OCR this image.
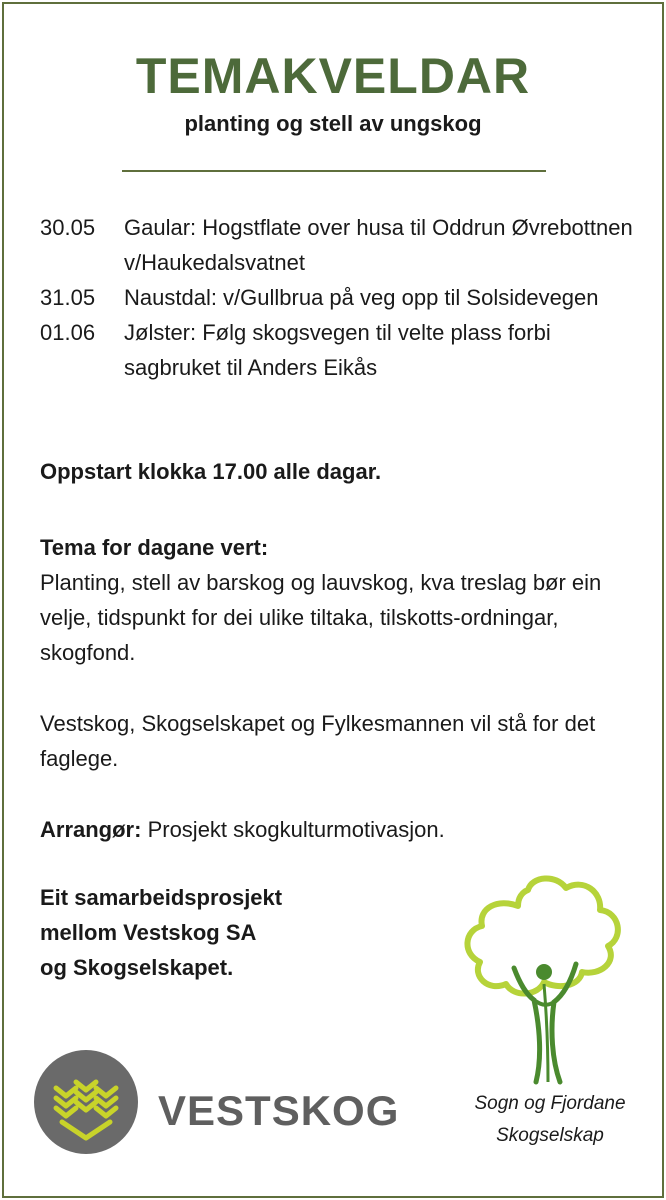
TEMAKVELDAR
planting og stell av ungskog
30.05	Gaular: Hogstflate over husa til Oddrun Øvrebottnen v/Haukedalsvatnet
31.05	Naustdal: v/Gullbrua på veg opp til Solsidevegen
01.06	Jølster: Følg skogsvegen til velte plass forbi sagbruket til Anders Eikås
Oppstart klokka 17.00 alle dagar.
Tema for dagane vert:
Planting, stell av barskog og lauvskog, kva treslag bør ein velje, tidspunkt for dei ulike tiltaka, tilskotts-ordningar, skogfond.
Vestskog, Skogselskapet og Fylkesmannen vil stå for det faglege.
Arrangør: Prosjekt skogkulturmotivasjon.
Eit samarbeidsprosjekt
mellom Vestskog SA
og Skogselskapet.
Sogn og Fjordane
Skogselskap
VESTSKOG
